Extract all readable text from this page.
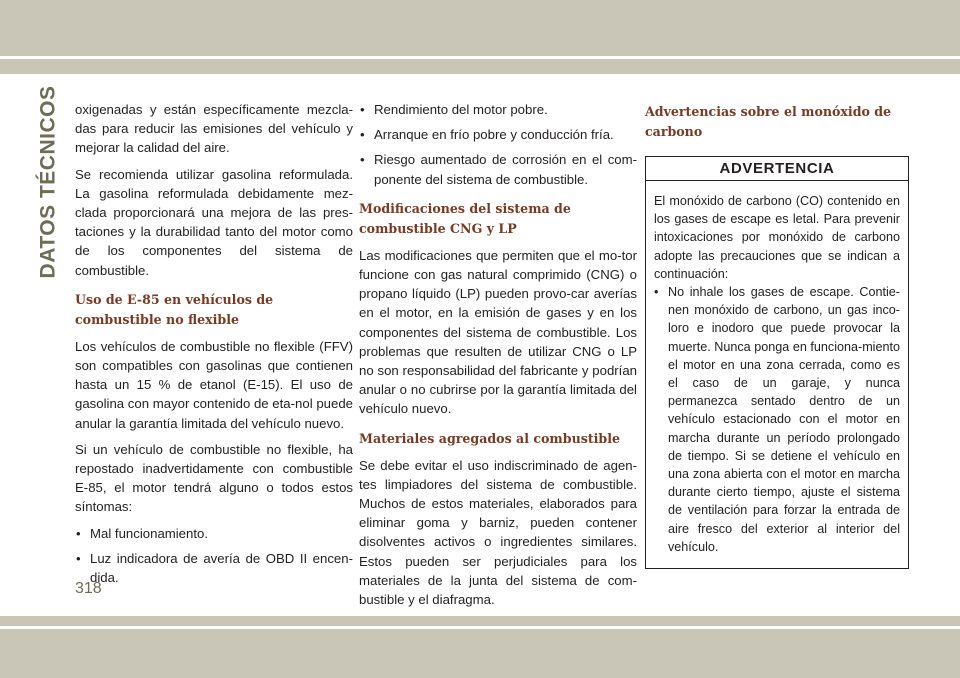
DATOS TÉCNICOS oxigenadas y están específicamente mezcla-das para reducir las emisiones del vehículo y mejorar la calidad del aire.

Se recomienda utilizar gasolina reformulada. La gasolina reformulada debidamente mez-clada proporcionará una mejora de las pres-taciones y la durabilidad tanto del motor como de los componentes del sistema de combustible.

Uso de E-85 en vehículos de combustible no flexible

Los vehículos de combustible no flexible (FFV) son compatibles con gasolinas que contienen hasta un 15 % de etanol (E-15). El uso de gasolina con mayor contenido de eta-nol puede anular la garantía limitada del vehículo nuevo.

Si un vehículo de combustible no flexible, ha repostado inadvertidamente con combustible E-85, el motor tendrá alguno o todos estos síntomas:

• Mal funcionamiento.
• Luz indicadora de avería de OBD II encen-dida.
• Rendimiento del motor pobre.
• Arranque en frío pobre y conducción fría.
• Riesgo aumentado de corrosión en el com-ponente del sistema de combustible.
Modificaciones del sistema de combustible CNG y LP

Las modificaciones que permiten que el mo-tor funcione con gas natural comprimido (CNG) o propano líquido (LP) pueden provo-car averías en el motor, en la emisión de gases y en los componentes del sistema de combustible. Los problemas que resulten de utilizar CNG o LP no son responsabilidad del fabricante y podrían anular o no cubrirse por la garantía limitada del vehículo nuevo.

Materiales agregados al combustible

Se debe evitar el uso indiscriminado de agen-tes limpiadores del sistema de combustible. Muchos de estos materiales, elaborados para eliminar goma y barniz, pueden contener disolventes activos o ingredientes similares. Estos pueden ser perjudiciales para los materiales de la junta del sistema de com-bustible y el diafragma.

Advertencias sobre el monóxido de carbono
ADVERTENCIA

El monóxido de carbono (CO) contenido en los gases de escape es letal. Para prevenir intoxicaciones por monóxido de carbono adopte las precauciones que se indican a continuación:

• No inhale los gases de escape. Contie-nen monóxido de carbono, un gas inco-loro e inodoro que puede provocar la muerte. Nunca ponga en funciona-miento el motor en una zona cerrada, como es el caso de un garaje, y nunca permanezca sentado dentro de un vehículo estacionado con el motor en marcha durante un período prolongado de tiempo. Si se detiene el vehículo en una zona abierta con el motor en marcha durante cierto tiempo, ajuste el sistema de ventilación para forzar la entrada de aire fresco del exterior al interior del vehículo.
318
